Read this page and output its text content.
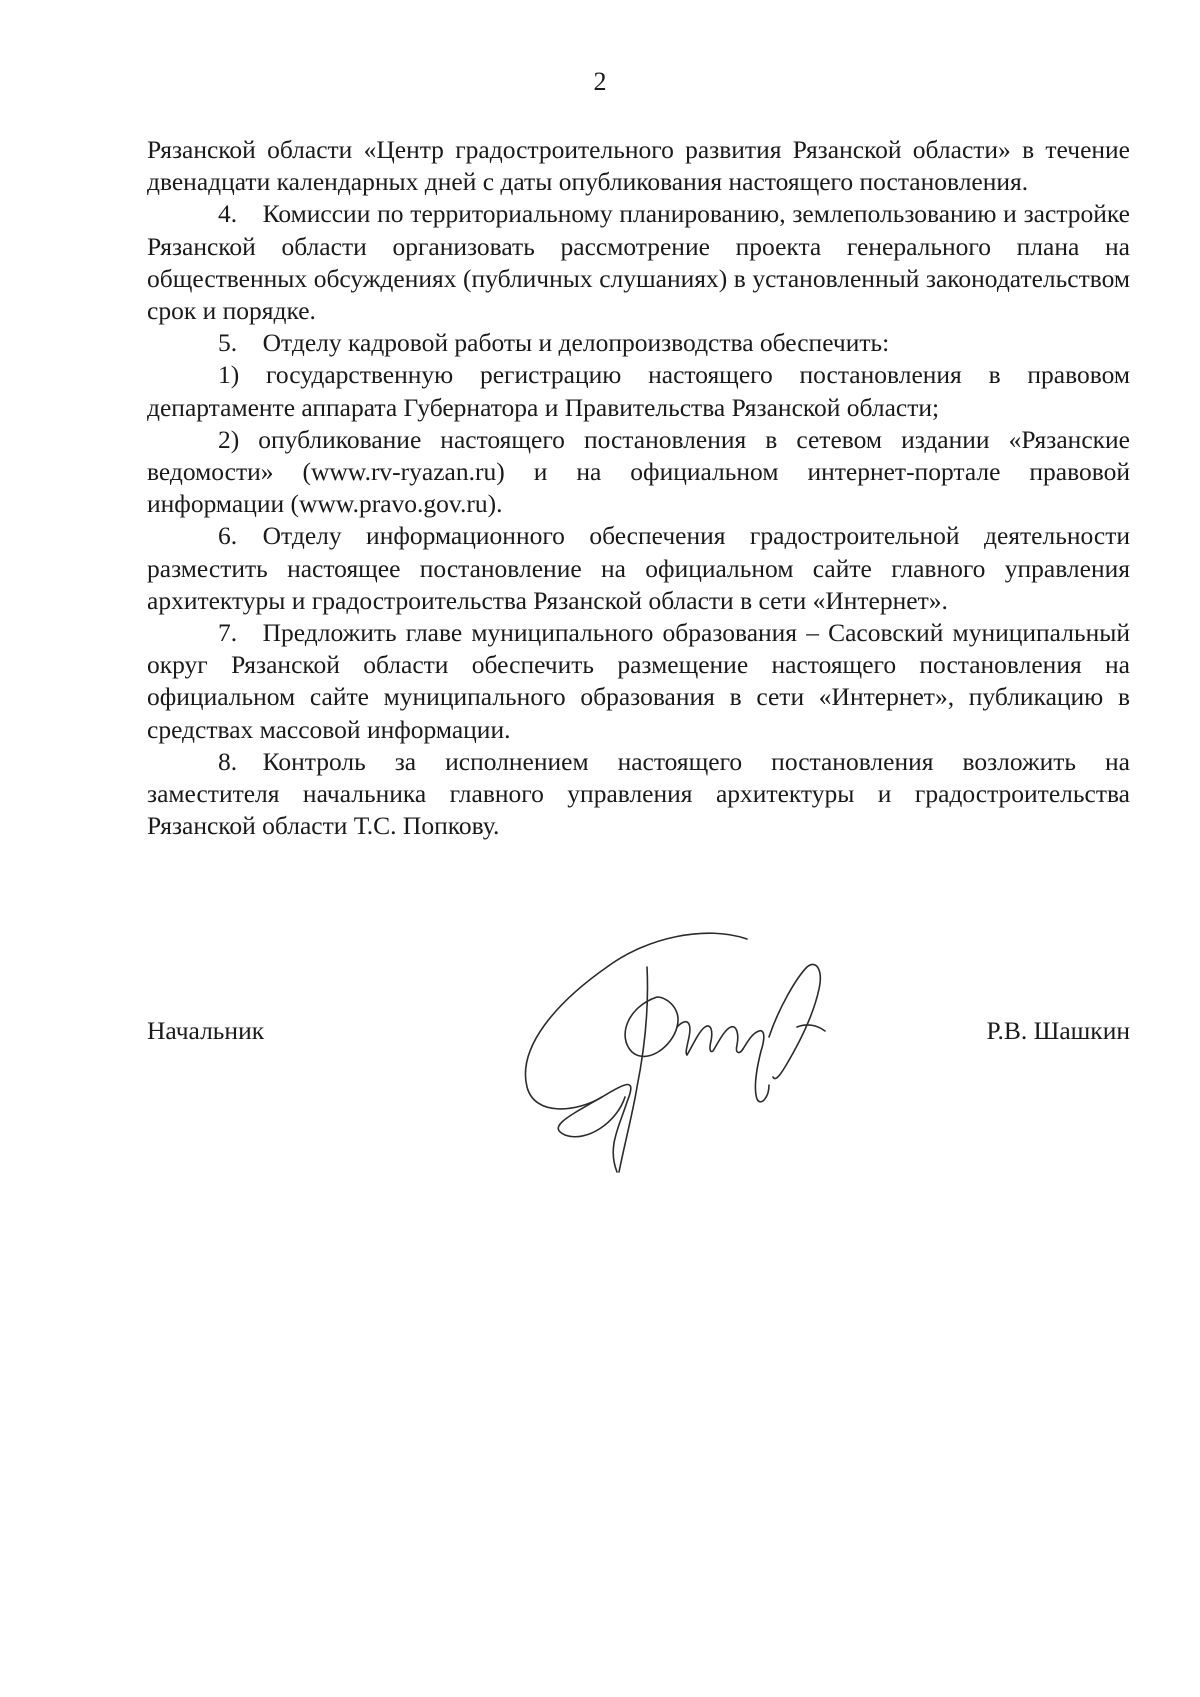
2

Рязанской области «Центр градостроительного развития Рязанской области» в течение двенадцати календарных дней с даты опубликования настоящего постановления.

4. Комиссии по территориальному планированию, землепользованию и застройке Рязанской области организовать рассмотрение проекта генерального плана на общественных обсуждениях (публичных слушаниях) в установленный законодательством срок и порядке.

5. Отделу кадровой работы и делопроизводства обеспечить:

1) государственную регистрацию настоящего постановления в правовом департаменте аппарата Губернатора и Правительства Рязанской области;

2) опубликование настоящего постановления в сетевом издании «Рязанские ведомости» (www.rv-ryazan.ru) и на официальном интернет-портале правовой информации (www.pravo.gov.ru).

6. Отделу информационного обеспечения градостроительной деятельности разместить настоящее постановление на официальном сайте главного управления архитектуры и градостроительства Рязанской области в сети «Интернет».

7. Предложить главе муниципального образования – Сасовский муниципальный округ Рязанской области обеспечить размещение настоящего постановления на официальном сайте муниципального образования в сети «Интернет», публикацию в средствах массовой информации.

8. Контроль за исполнением настоящего постановления возложить на заместителя начальника главного управления архитектуры и градостроительства Рязанской области Т.С. Попкову.

Начальник	Р.В. Шашкин
